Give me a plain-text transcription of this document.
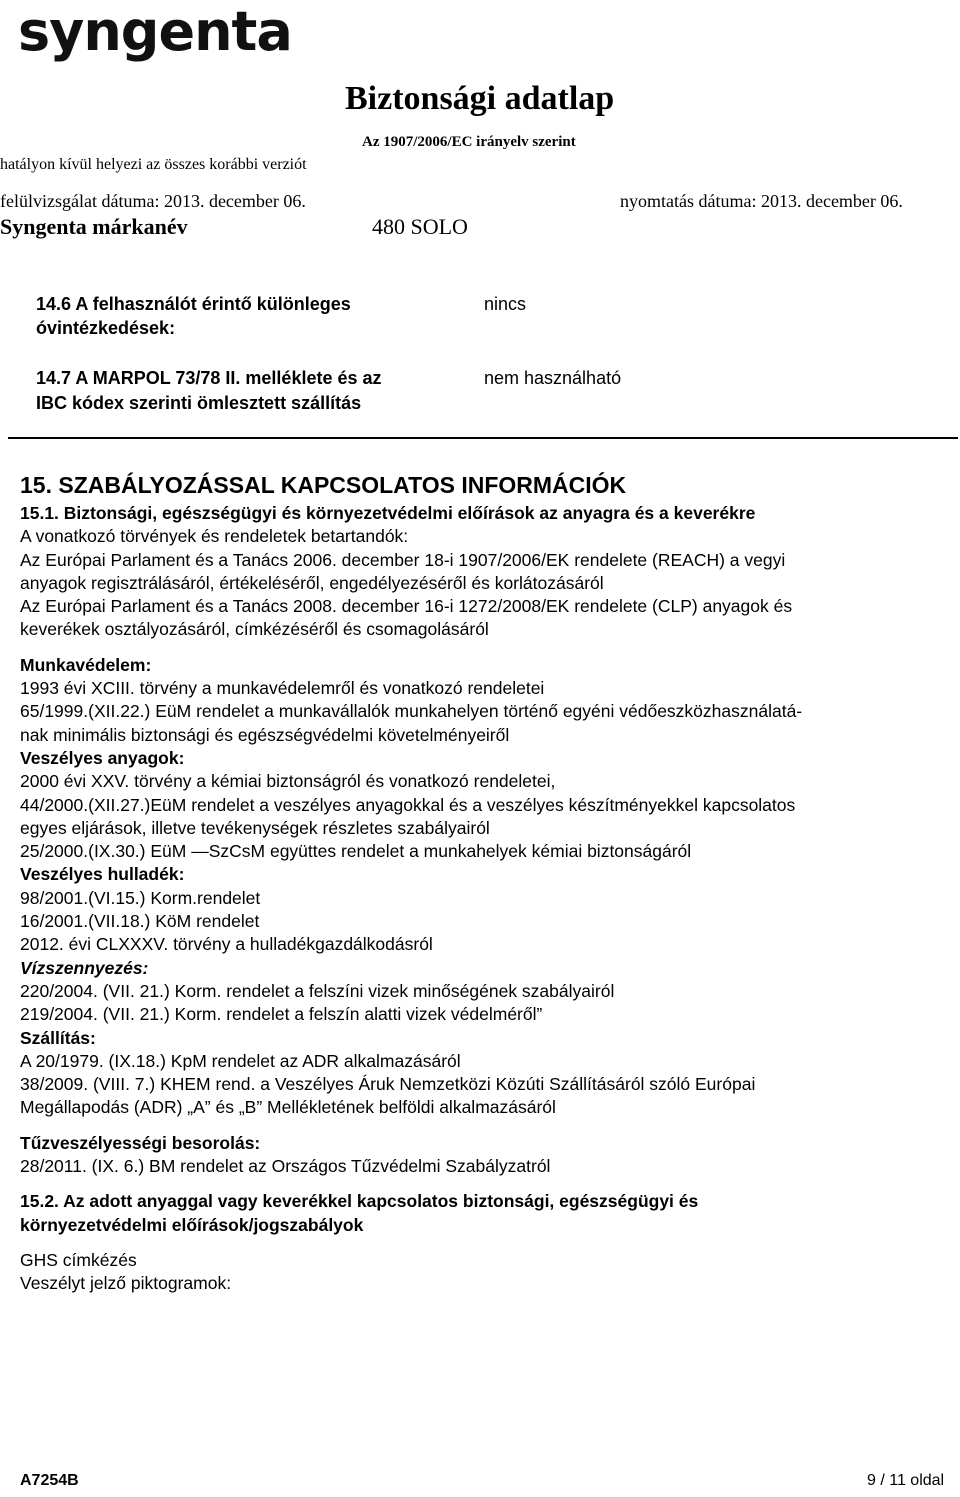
syngenta
Biztonsági adatlap
Az 1907/2006/EC irányelv szerint
hatályon kívül helyezi az összes korábbi verziót
felülvizsgálat dátuma: 2013. december 06.	nyomtatás dátuma: 2013. december 06.
Syngenta márkanév	480 SOLO
14.6 A felhasználót érintő különleges
óvintézkedések:
nincs
14.7 A MARPOL 73/78 II. melléklete és az
IBC kódex szerinti ömlesztett szállítás
nem használható
15. SZABÁLYOZÁSSAL KAPCSOLATOS INFORMÁCIÓK
15.1. Biztonsági, egészségügyi és környezetvédelmi előírások az anyagra és a keverékre
A vonatkozó törvények és rendeletek betartandók:
Az Európai Parlament és a Tanács 2006. december 18-i 1907/2006/EK rendelete (REACH) a vegyi
anyagok regisztrálásáról, értékeléséről, engedélyezéséről és korlátozásáról
Az Európai Parlament és a Tanács 2008. december 16-i 1272/2008/EK rendelete (CLP) anyagok és
keverékek osztályozásáról, címkézéséről és csomagolásáról
Munkavédelem:
1993 évi XCIII. törvény a munkavédelemről és vonatkozó rendeletei
65/1999.(XII.22.) EüM rendelet a munkavállalók munkahelyen történő egyéni védőeszközhasználatá-
nak minimális biztonsági és egészségvédelmi követelményeiről
Veszélyes anyagok:
2000 évi XXV. törvény a kémiai biztonságról és vonatkozó rendeletei,
44/2000.(XII.27.)EüM rendelet a veszélyes anyagokkal és a veszélyes készítményekkel kapcsolatos
egyes eljárások, illetve tevékenységek részletes szabályairól
25/2000.(IX.30.) EüM —SzCsM együttes rendelet a munkahelyek kémiai biztonságáról
Veszélyes hulladék:
98/2001.(VI.15.) Korm.rendelet
16/2001.(VII.18.) KöM rendelet
2012. évi CLXXXV. törvény a hulladékgazdálkodásról
Vízszennyezés:
220/2004. (VII. 21.) Korm. rendelet a felszíni vizek minőségének szabályairól
219/2004. (VII. 21.) Korm. rendelet a felszín alatti vizek védelméről”
Szállítás:
A 20/1979. (IX.18.) KpM rendelet az ADR alkalmazásáról
38/2009. (VIII. 7.) KHEM rend. a Veszélyes Áruk Nemzetközi Közúti Szállításáról szóló Európai
Megállapodás (ADR) „A” és „B” Mellékletének belföldi alkalmazásáról
Tűzveszélyességi besorolás:
28/2011. (IX. 6.) BM rendelet az Országos Tűzvédelmi Szabályzatról
15.2. Az adott anyaggal vagy keverékkel kapcsolatos biztonsági, egészségügyi és
környezetvédelmi előírások/jogszabályok
GHS címkézés
Veszélyt jelző piktogramok:
A7254B	9 / 11 oldal
